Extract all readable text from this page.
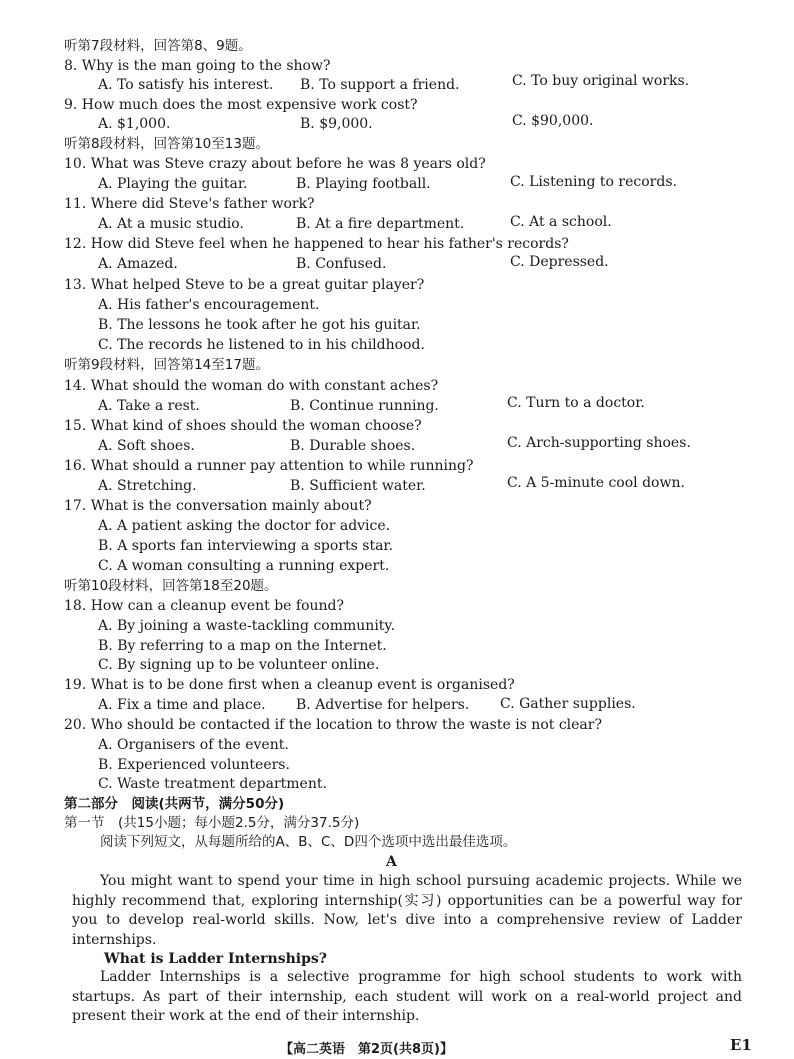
听第7段材料，回答第8、9题。
8. Why is the man going to the show?
A. To satisfy his interest. B. To support a friend.	C. To buy original works.
9. How much does the most expensive work cost?
A. $1,000.	B. $9,000.	C. $90,000.
听第8段材料，回答第10至13题。
10. What was Steve crazy about before he was 8 years old?
A. Playing the guitar.	B. Playing football.	C. Listening to records.
11. Where did Steve's father work?
A. At a music studio.	B. At a fire department.	C. At a school.
12. How did Steve feel when he happened to hear his father's records?
A. Amazed.	B. Confused.	C. Depressed.
13. What helped Steve to be a great guitar player?
A. His father's encouragement.
B. The lessons he took after he got his guitar.
C. The records he listened to in his childhood.
听第9段材料，回答第14至17题。
14. What should the woman do with constant aches?
A. Take a rest.	B. Continue running.	C. Turn to a doctor.
15. What kind of shoes should the woman choose?
A. Soft shoes.	B. Durable shoes.	C. Arch-supporting shoes.
16. What should a runner pay attention to while running?
A. Stretching.	B. Sufficient water.	C. A 5-minute cool down.
17. What is the conversation mainly about?
A. A patient asking the doctor for advice.
B. A sports fan interviewing a sports star.
C. A woman consulting a running expert.
听第10段材料，回答第18至20题。
18. How can a cleanup event be found?
A. By joining a waste-tackling community.
B. By referring to a map on the Internet.
C. By signing up to be volunteer online.
19. What is to be done first when a cleanup event is organised?
A. Fix a time and place. B. Advertise for helpers. C. Gather supplies.
20. Who should be contacted if the location to throw the waste is not clear?
A. Organisers of the event.
B. Experienced volunteers.
C. Waste treatment department.
第二部分　阅读(共两节，满分50分)
第一节　(共15小题；每小题2.5分，满分37.5分)
阅读下列短文，从每题所给的A、B、C、D四个选项中选出最佳选项。
A
You might want to spend your time in high school pursuing academic projects. While we highly recommend that, exploring internship(实习) opportunities can be a powerful way for you to develop real-world skills. Now, let's dive into a comprehensive review of Ladder internships.
What is Ladder Internships?
Ladder Internships is a selective programme for high school students to work with startups. As part of their internship, each student will work on a real-world project and present their work at the end of their internship.
【高二英语　第2页(共8页)】	E1
